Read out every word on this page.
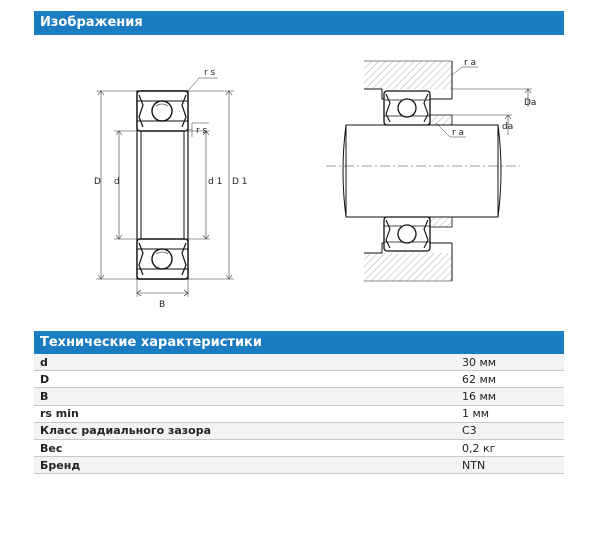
Изображения
r s
r s
D d	d 1 D 1
B
r a
r a
Da
da
Технические характеристики
d	30 мм
D	62 мм
B	16 мм
rs min	1 мм
Класс радиального зазора	C3
Вес	0,2 кг
Бренд	NTN
